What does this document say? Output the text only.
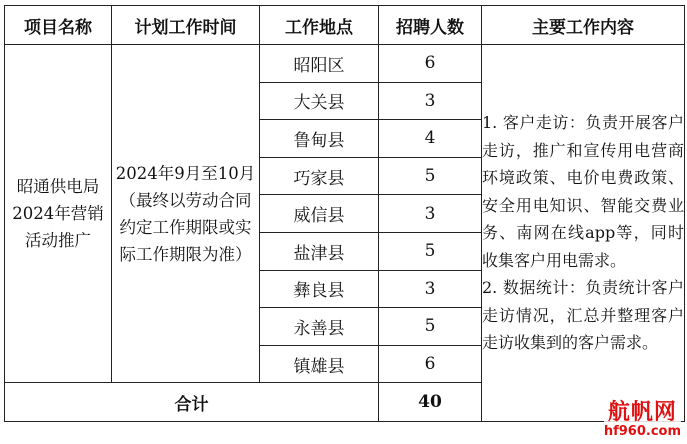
项目名称	计划工作时间	工作地点	招聘人数	主要工作内容
昭通供电局2024年营销活动推广	2024年9月至10月（最终以劳动合同约定工作期限或实际工作期限为准）	昭阳区	6	1. 客户走访：负责开展客户走访，推广和宣传用电营商环境政策、电价电费政策、安全用电知识、智能交费业务、南网在线app等，同时收集客户用电需求。
2. 数据统计：负责统计客户走访情况，汇总并整理客户走访收集到的客户需求。

		大关县	3	
		鲁甸县	4	
		巧家县	5	
		威信县	3	
		盐津县	5	
		彝良县	3	
		永善县	5	
		镇雄县	6	
合计			40		航帆网
hf960.com
